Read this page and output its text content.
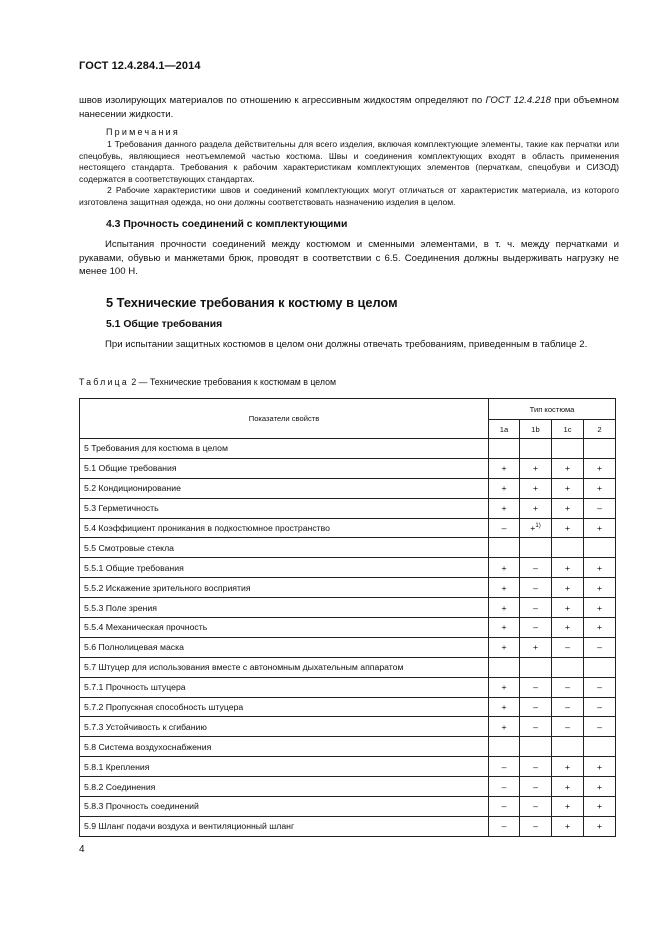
ГОСТ 12.4.284.1—2014
швов изолирующих материалов по отношению к агрессивным жидкостям определяют по ГОСТ 12.4.218 при объемном нанесении жидкости.
Примечания
1 Требования данного раздела действительны для всего изделия, включая комплектующие элементы, такие как перчатки или спецобувь, являющиеся неотъемлемой частью костюма. Швы и соединения комплектующих входят в область применения нестоящего стандарта. Требования к рабочим характеристикам комплектующих элементов (перчаткам, спецобуви и СИЗОД) содержатся в соответствующих стандартах.
2 Рабочие характеристики швов и соединений комплектующих могут отличаться от характеристик материала, из которого изготовлена защитная одежда, но они должны соответствовать назначению изделия в целом.
4.3 Прочность соединений с комплектующими
Испытания прочности соединений между костюмом и сменными элементами, в т. ч. между перчатками и рукавами, обувью и манжетами брюк, проводят в соответствии с 6.5. Соединения должны выдерживать нагрузку не менее 100 Н.
5 Технические требования к костюму в целом
5.1 Общие требования
При испытании защитных костюмов в целом они должны отвечать требованиям, приведенным в таблице 2.
Таблица 2 — Технические требования к костюмам в целом
Показатели свойств	Тип костюма			
	1a	1b	1c	2
5 Требования для костюма в целом				
5.1 Общие требования	+	+	+	+
5.2 Кондиционирование	+	+	+	+
5.3 Герметичность	+	+	+	–
5.4 Коэффициент проникания в подкостюмное пространство	–	+$^{1)}$	+	+
5.5 Смотровые стекла				
5.5.1 Общие требования	+	–	+	+
5.5.2 Искажение зрительного восприятия	+	–	+	+
5.5.3 Поле зрения	+	–	+	+
5.5.4 Механическая прочность	+	–	+	+
5.6 Полнолицевая маска	+	+	–	–
5.7 Штуцер для использования вместе с автономным дыхательным аппаратом				
5.7.1 Прочность штуцера	+	–	–	–
5.7.2 Пропускная способность штуцера	+	–	–	–
5.7.3 Устойчивость к сгибанию	+	–	–	–
5.8 Система воздухоснабжения				
5.8.1 Крепления	–	–	+	+
5.8.2 Соединения	–	–	+	+
5.8.3 Прочность соединений	–	–	+	+
5.9 Шланг подачи воздуха и вентиляционный шланг	–	–	+	+
4
